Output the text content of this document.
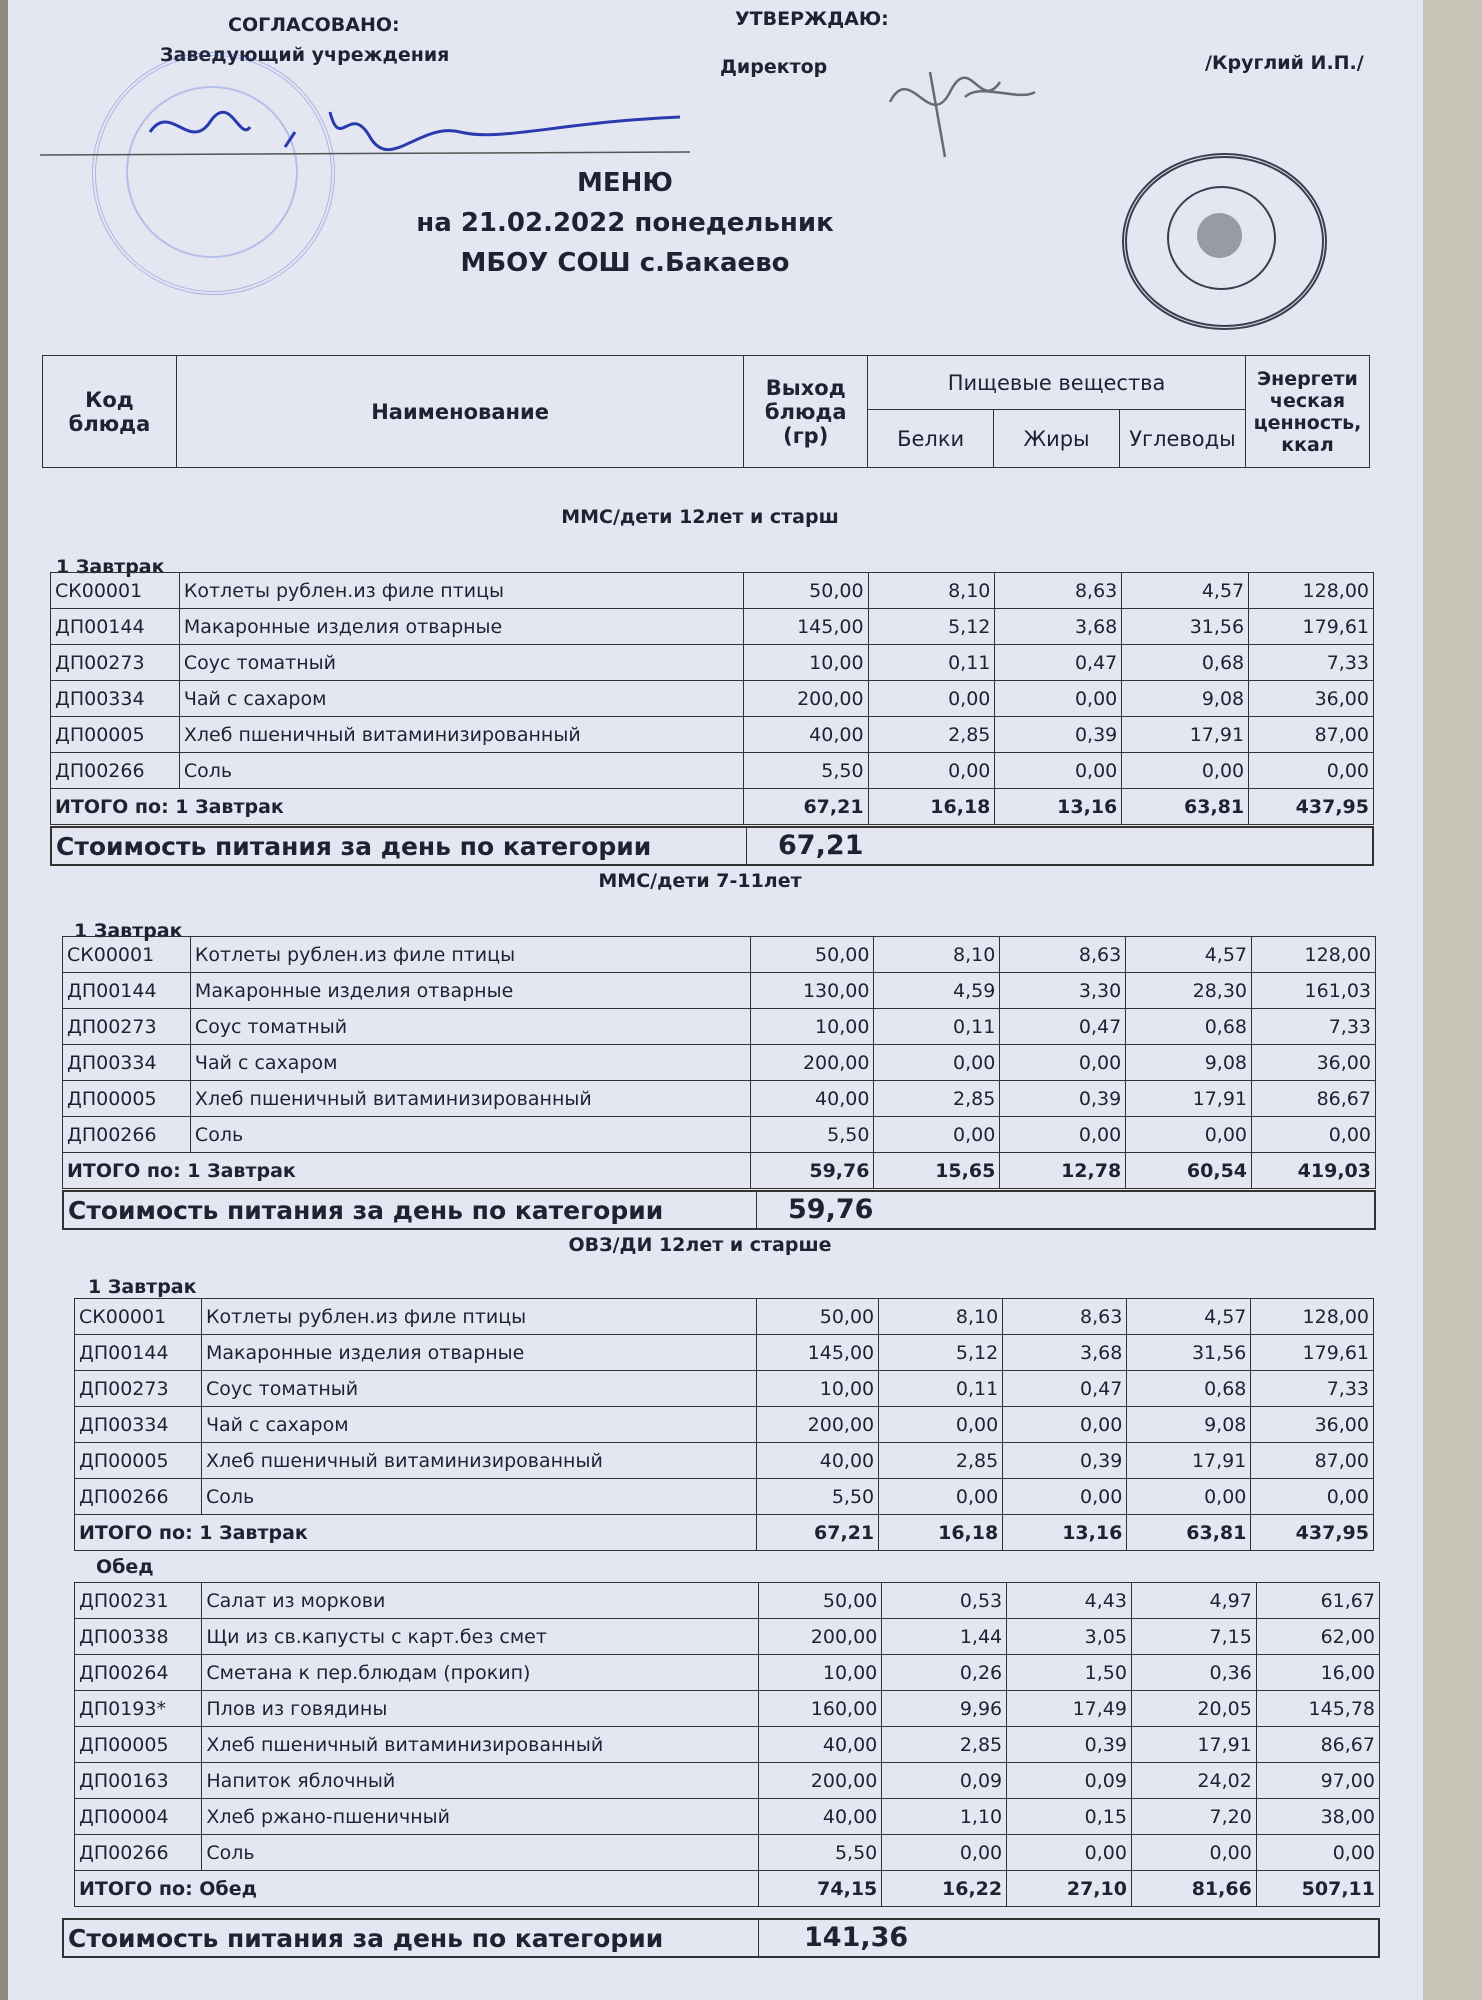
СОГЛАСОВАНО:
Заведующий учреждения
УТВЕРЖДАЮ:
Директор	/Круглий И.П./
МЕНЮ
на 21.02.2022 понедельник
МБОУ СОШ с.Бакаево
Код блюда	Наименование	Выход блюда (гр)	Пищевые вещества			Энергети ческая ценность, ккал
			Белки	Жиры	Углеводы	
ММС/дети 12лет и старш
1 Завтрак
СК00001	Котлеты рублен.из филе птицы	50,00	8,10	8,63	4,57	128,00
ДП00144	Макаронные изделия отварные	145,00	5,12	3,68	31,56	179,61
ДП00273	Соус томатный	10,00	0,11	0,47	0,68	7,33
ДП00334	Чай с сахаром	200,00	0,00	0,00	9,08	36,00
ДП00005	Хлеб пшеничный витаминизированный	40,00	2,85	0,39	17,91	87,00
ДП00266	Соль	5,50	0,00	0,00	0,00	0,00
ИТОГО по: 1 Завтрак		67,21	16,18	13,16	63,81	437,95
Стоимость питания за день по категории	67,21
ММС/дети 7-11лет
1 Завтрак
СК00001	Котлеты рублен.из филе птицы	50,00	8,10	8,63	4,57	128,00
ДП00144	Макаронные изделия отварные	130,00	4,59	3,30	28,30	161,03
ДП00273	Соус томатный	10,00	0,11	0,47	0,68	7,33
ДП00334	Чай с сахаром	200,00	0,00	0,00	9,08	36,00
ДП00005	Хлеб пшеничный витаминизированный	40,00	2,85	0,39	17,91	86,67
ДП00266	Соль	5,50	0,00	0,00	0,00	0,00
ИТОГО по: 1 Завтрак		59,76	15,65	12,78	60,54	419,03
Стоимость питания за день по категории	59,76
ОВЗ/ДИ 12лет и старше
1 Завтрак
СК00001	Котлеты рублен.из филе птицы	50,00	8,10	8,63	4,57	128,00
ДП00144	Макаронные изделия отварные	145,00	5,12	3,68	31,56	179,61
ДП00273	Соус томатный	10,00	0,11	0,47	0,68	7,33
ДП00334	Чай с сахаром	200,00	0,00	0,00	9,08	36,00
ДП00005	Хлеб пшеничный витаминизированный	40,00	2,85	0,39	17,91	87,00
ДП00266	Соль	5,50	0,00	0,00	0,00	0,00
ИТОГО по: 1 Завтрак		67,21	16,18	13,16	63,81	437,95
Обед
ДП00231	Салат из моркови	50,00	0,53	4,43	4,97	61,67
ДП00338	Щи из св.капусты с карт.без смет	200,00	1,44	3,05	7,15	62,00
ДП00264	Сметана к пер.блюдам (прокип)	10,00	0,26	1,50	0,36	16,00
ДП0193*	Плов из говядины	160,00	9,96	17,49	20,05	145,78
ДП00005	Хлеб пшеничный витаминизированный	40,00	2,85	0,39	17,91	86,67
ДП00163	Напиток яблочный	200,00	0,09	0,09	24,02	97,00
ДП00004	Хлеб ржано-пшеничный	40,00	1,10	0,15	7,20	38,00
ДП00266	Соль	5,50	0,00	0,00	0,00	0,00
ИТОГО по: Обед		74,15	16,22	27,10	81,66	507,11
Стоимость питания за день по категории	141,36
